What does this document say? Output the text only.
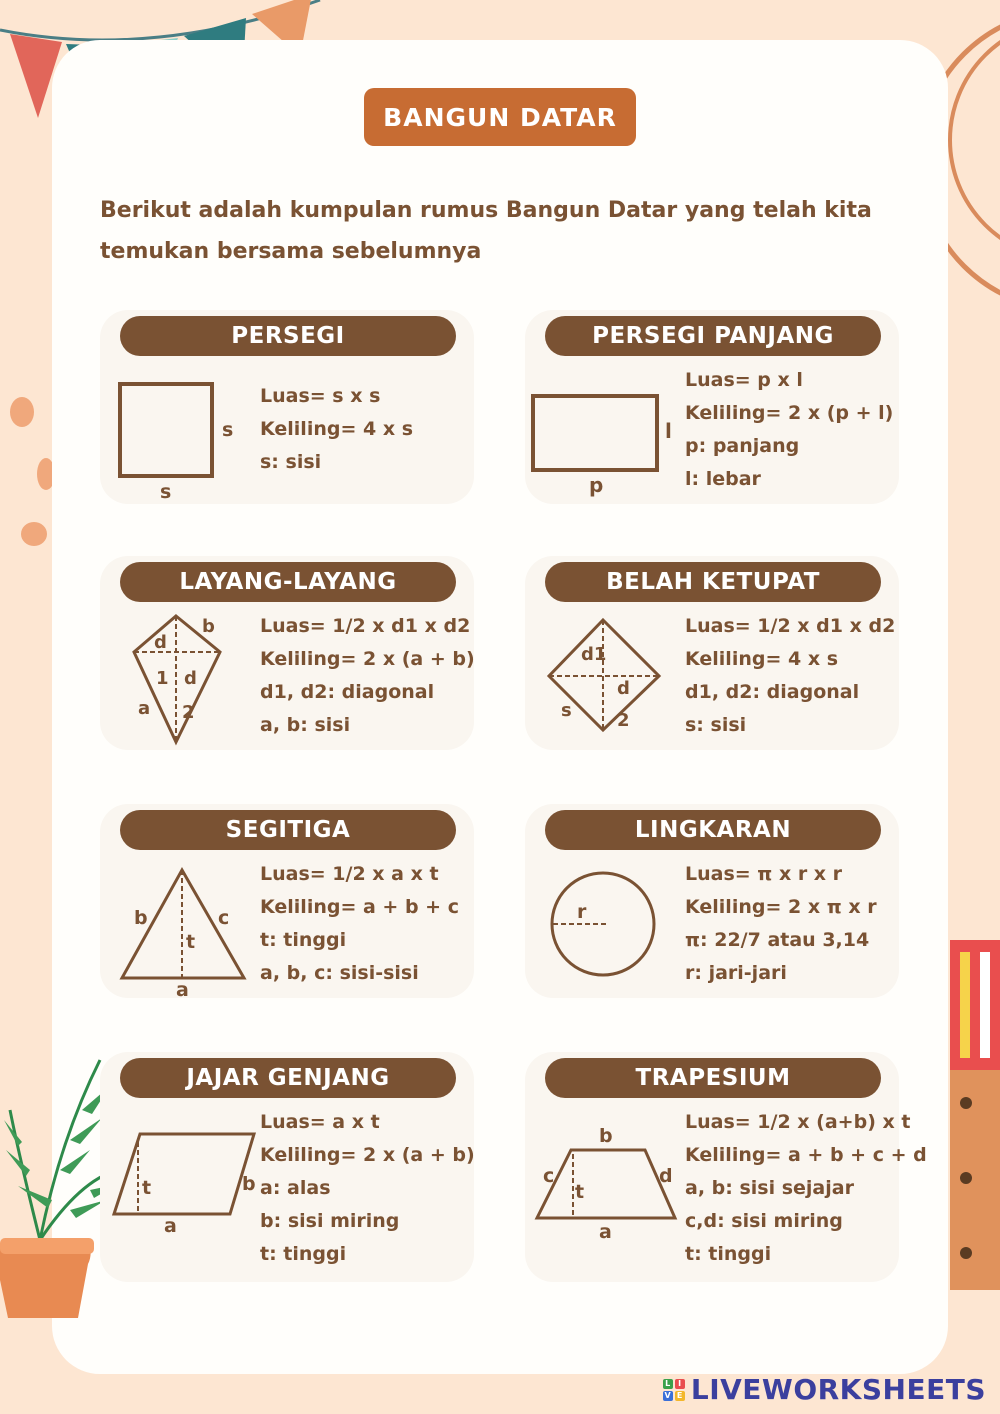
BANGUN DATAR
Berikut adalah kumpulan rumus Bangun Datar yang telah kita temukan bersama sebelumnya
PERSEGI
s
s
Luas= s x s
Keliling= 4 x s
s: sisi
PERSEGI PANJANG
l
p
Luas= p x l
Keliling= 2 x (p + l)
p: panjang
l: lebar
LAYANG-LAYANG
b
d
1 d
a 2
Luas= 1/2 x d1 x d2
Keliling= 2 x (a + b)
d1, d2: diagonal
a, b: sisi
BELAH KETUPAT
d1
d
s	2
Luas= 1/2 x d1 x d2
Keliling= 4 x s
d1, d2: diagonal
s: sisi
SEGITIGA
b	c
t
a
Luas= 1/2 x a x t
Keliling= a + b + c
t: tinggi
a, b, c: sisi-sisi
LINGKARAN
r
Luas= π x r x r
Keliling= 2 x π x r
π: 22/7 atau 3,14
r: jari-jari
JAJAR GENJANG
t	b
a
Luas= a x t
Keliling= 2 x (a + b)
a: alas
b: sisi miring
t: tinggi
TRAPESIUM
b
c
t
d
a
Luas= 1/2 x (a+b) x t
Keliling= a + b + c + d
a, b: sisi sejajar
c,d: sisi miring
t: tinggi
L I
V E LIVEWORKSHEETS
